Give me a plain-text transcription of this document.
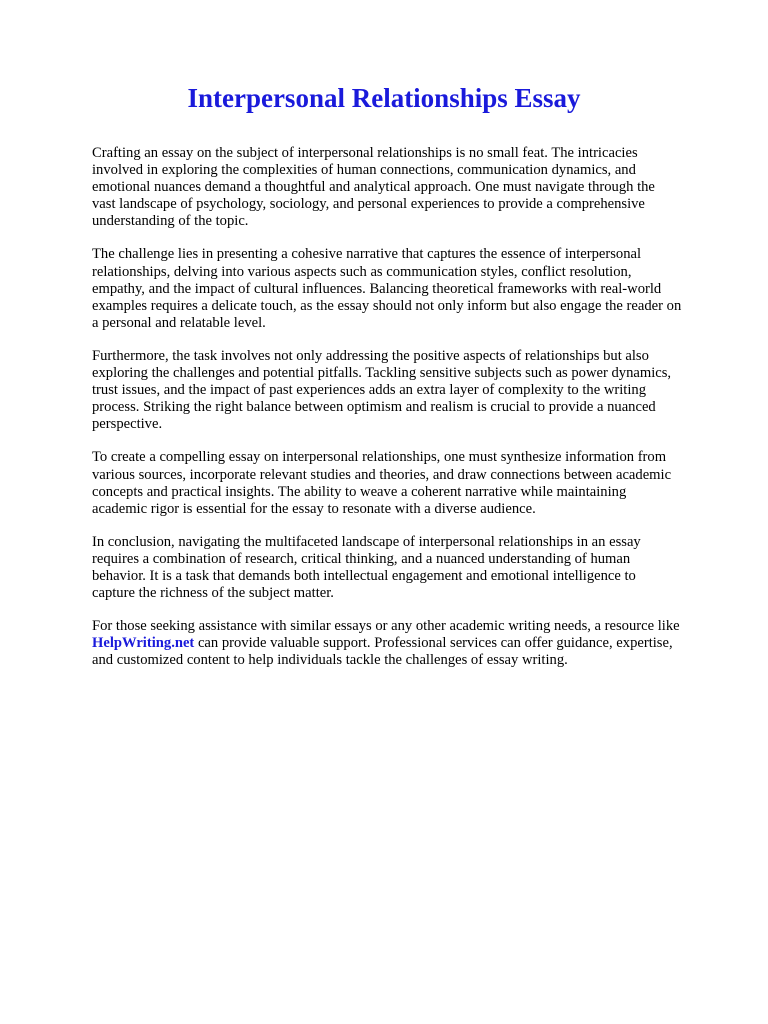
Interpersonal Relationships Essay

Crafting an essay on the subject of interpersonal relationships is no small feat. The intricacies involved in exploring the complexities of human connections, communication dynamics, and emotional nuances demand a thoughtful and analytical approach. One must navigate through the vast landscape of psychology, sociology, and personal experiences to provide a comprehensive understanding of the topic.

The challenge lies in presenting a cohesive narrative that captures the essence of interpersonal relationships, delving into various aspects such as communication styles, conflict resolution, empathy, and the impact of cultural influences. Balancing theoretical frameworks with real-world examples requires a delicate touch, as the essay should not only inform but also engage the reader on a personal and relatable level.

Furthermore, the task involves not only addressing the positive aspects of relationships but also exploring the challenges and potential pitfalls. Tackling sensitive subjects such as power dynamics, trust issues, and the impact of past experiences adds an extra layer of complexity to the writing process. Striking the right balance between optimism and realism is crucial to provide a nuanced perspective.

To create a compelling essay on interpersonal relationships, one must synthesize information from various sources, incorporate relevant studies and theories, and draw connections between academic concepts and practical insights. The ability to weave a coherent narrative while maintaining academic rigor is essential for the essay to resonate with a diverse audience.

In conclusion, navigating the multifaceted landscape of interpersonal relationships in an essay requires a combination of research, critical thinking, and a nuanced understanding of human behavior. It is a task that demands both intellectual engagement and emotional intelligence to capture the richness of the subject matter.

For those seeking assistance with similar essays or any other academic writing needs, a resource like HelpWriting.net can provide valuable support. Professional services can offer guidance, expertise, and customized content to help individuals tackle the challenges of essay writing.
